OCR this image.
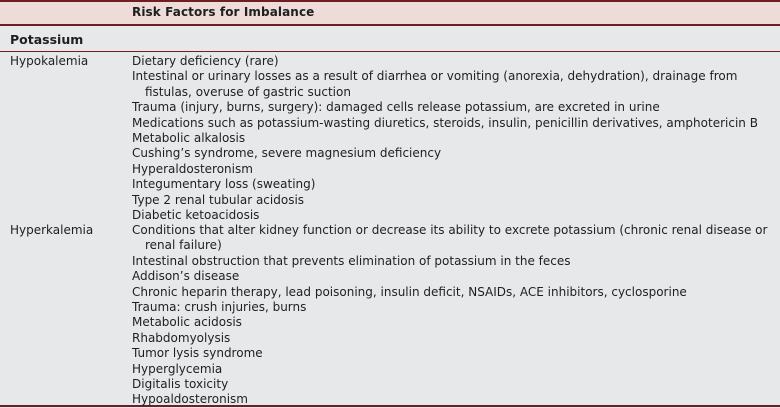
Risk Factors for Imbalance
Potassium
Hypokalemia	Dietary deficiency (rare)
Intestinal or urinary losses as a result of diarrhea or vomiting (anorexia, dehydration), drainage from fistulas, overuse of gastric suction
Trauma (injury, burns, surgery): damaged cells release potassium, are excreted in urine
Medications such as potassium-wasting diuretics, steroids, insulin, penicillin derivatives, amphotericin B
Metabolic alkalosis
Cushing’s syndrome, severe magnesium deficiency
Hyperaldosteronism
Integumentary loss (sweating)
Type 2 renal tubular acidosis
Diabetic ketoacidosis
Hyperkalemia	Conditions that alter kidney function or decrease its ability to excrete potassium (chronic renal disease or renal failure)
Intestinal obstruction that prevents elimination of potassium in the feces
Addison’s disease
Chronic heparin therapy, lead poisoning, insulin deficit, NSAIDs, ACE inhibitors, cyclosporine
Trauma: crush injuries, burns
Metabolic acidosis
Rhabdomyolysis
Tumor lysis syndrome
Hyperglycemia
Digitalis toxicity
Hypoaldosteronism
